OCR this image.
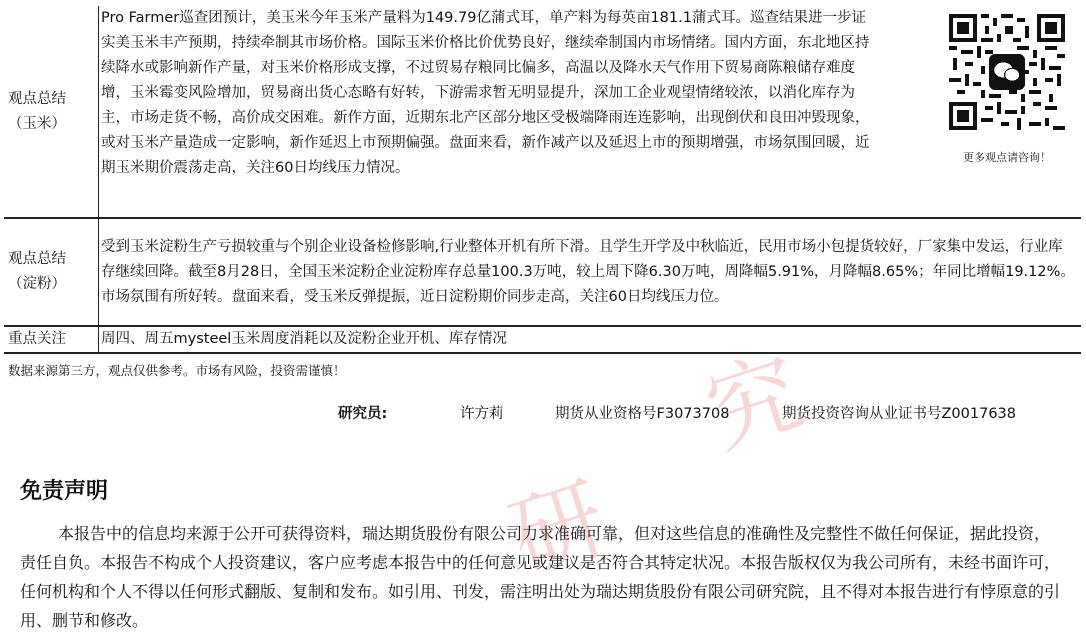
究
研
观点总结（玉米）	Pro Farmer巡查团预计，美玉米今年玉米产量料为149.79亿蒲式耳，单产料为每英亩181.1蒲式耳。巡查结果进一步证实美玉米丰产预期，持续牵制其市场价格。国际玉米价格比价优势良好，继续牵制国内市场情绪。国内方面，东北地区持续降水或影响新作产量，对玉米价格形成支撑，不过贸易存粮同比偏多，高温以及降水天气作用下贸易商陈粮储存难度增，玉米霉变风险增加，贸易商出货心态略有好转，下游需求暂无明显提升，深加工企业观望情绪较浓，以消化库存为主，市场走货不畅，高价成交困难。新作方面，近期东北产区部分地区受极端降雨连连影响，出现倒伏和良田冲毁现象，或对玉米产量造成一定影响，新作延迟上市预期偏强。盘面来看，新作减产以及延迟上市的预期增强，市场氛围回暖，近期玉米期价震荡走高，关注60日均线压力情况。
更多观点请咨询！

观点总结（淀粉）	受到玉米淀粉生产亏损较重与个别企业设备检修影响,行业整体开机有所下滑。且学生开学及中秋临近，民用市场小包提货较好，厂家集中发运，行业库存继续回降。截至8月28日，全国玉米淀粉企业淀粉库存总量100.3万吨，较上周下降6.30万吨，周降幅5.91%，月降幅8.65%；年同比增幅19.12%。市场氛围有所好转。盘面来看，受玉米反弹提振，近日淀粉期价同步走高，关注60日均线压力位。
重点关注	周四、周五mysteel玉米周度消耗以及淀粉企业开机、库存情况
数据来源第三方，观点仅供参考。市场有风险，投资需谨慎！
研究员:	许方莉	期货从业资格号F3073708	期货投资咨询从业证书号Z0017638
免责声明
本报告中的信息均来源于公开可获得资料，瑞达期货股份有限公司力求准确可靠，但对这些信息的准确性及完整性不做任何保证，据此投资，责任自负。本报告不构成个人投资建议，客户应考虑本报告中的任何意见或建议是否符合其特定状况。本报告版权仅为我公司所有，未经书面许可，任何机构和个人不得以任何形式翻版、复制和发布。如引用、刊发，需注明出处为瑞达期货股份有限公司研究院，且不得对本报告进行有悖原意的引用、删节和修改。
